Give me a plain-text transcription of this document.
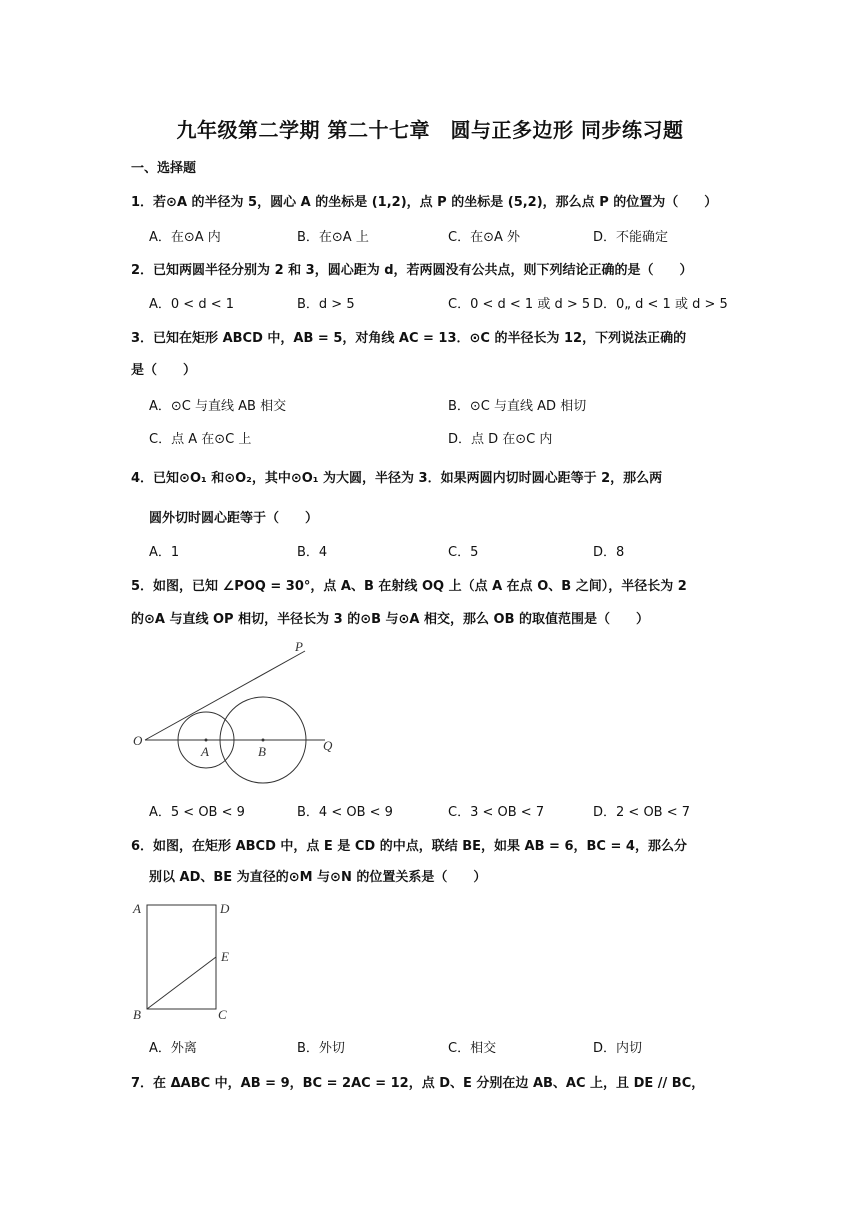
九年级第二学期 第二十七章　圆与正多边形 同步练习题
一、选择题
1．若⊙A 的半径为 5，圆心 A 的坐标是 (1,2)，点 P 的坐标是 (5,2)，那么点 P 的位置为（　　）
A．在⊙A 内	B．在⊙A 上	C．在⊙A 外	D．不能确定
2．已知两圆半径分别为 2 和 3，圆心距为 d，若两圆没有公共点，则下列结论正确的是（　　）
A．0 < d < 1	B．d > 5	C．0 < d < 1 或 d > 5 D．0„ d < 1 或 d > 5
3．已知在矩形 ABCD 中，AB = 5，对角线 AC = 13．⊙C 的半径长为 12，下列说法正确的
是（　　）
A．⊙C 与直线 AB 相交	B．⊙C 与直线 AD 相切
C．点 A 在⊙C 上	D．点 D 在⊙C 内
4．已知⊙O₁ 和⊙O₂，其中⊙O₁ 为大圆，半径为 3．如果两圆内切时圆心距等于 2，那么两
圆外切时圆心距等于（　　）
A．1	B．4	C．5	D．8
5．如图，已知 ∠POQ = 30°，点 A、B 在射线 OQ 上（点 A 在点 O、B 之间），半径长为 2
的⊙A 与直线 OP 相切，半径长为 3 的⊙B 与⊙A 相交，那么 OB 的取值范围是（　　）
P
O
A	B	Q
A．5 < OB < 9	B．4 < OB < 9	C．3 < OB < 7	D．2 < OB < 7
6．如图，在矩形 ABCD 中，点 E 是 CD 的中点，联结 BE，如果 AB = 6，BC = 4，那么分
别以 AD、BE 为直径的⊙M 与⊙N 的位置关系是（　　）
A	D
E
B	C
A．外离	B．外切	C．相交	D．内切
7．在 ΔABC 中，AB = 9，BC = 2AC = 12，点 D、E 分别在边 AB、AC 上，且 DE // BC，
